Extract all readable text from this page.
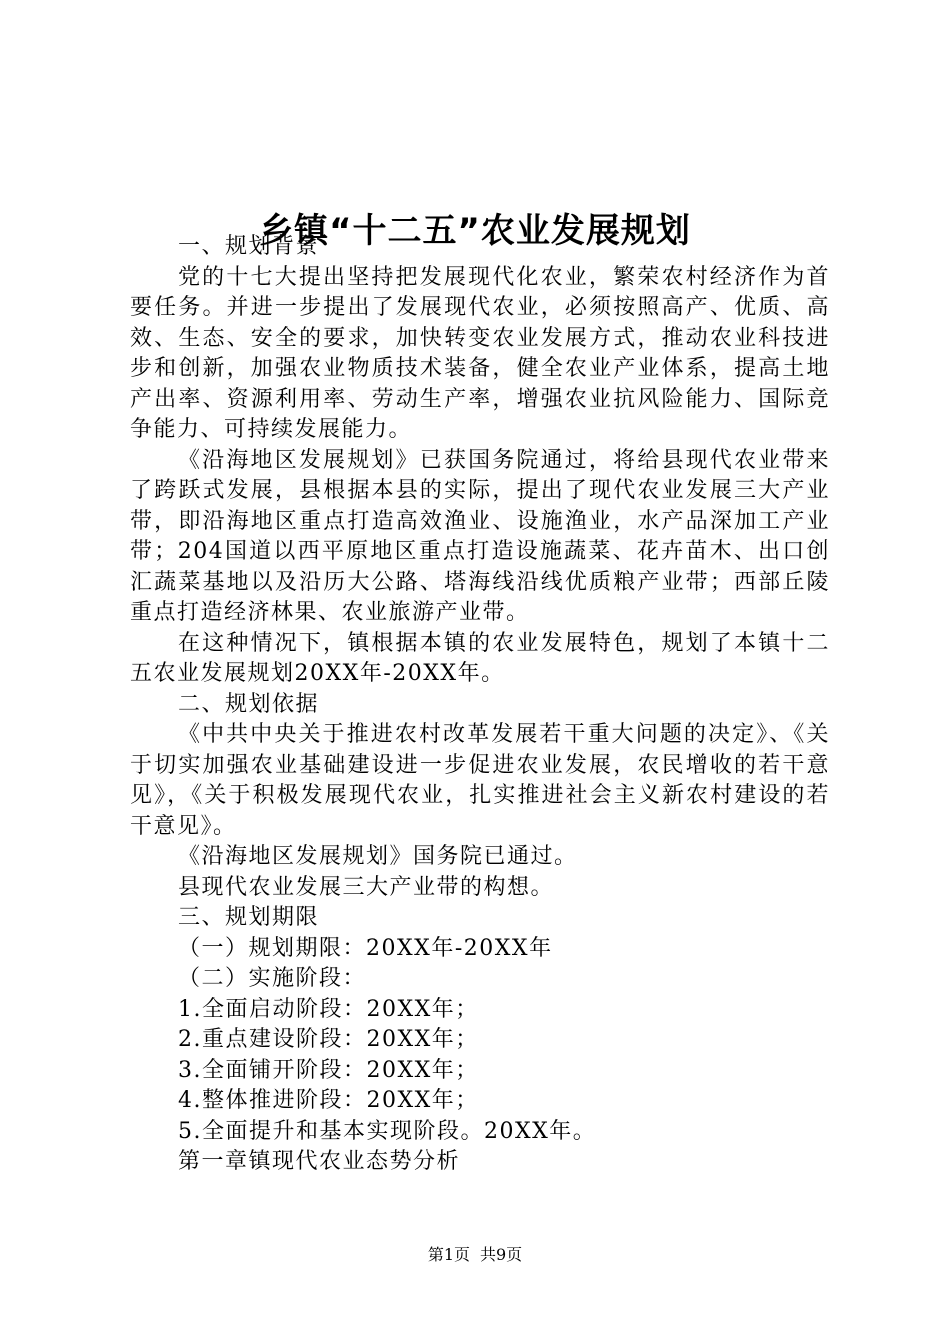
乡镇“十二五”农业发展规划

一、规划背景

党的十七大提出坚持把发展现代化农业，繁荣农村经济作为首要任务。并进一步提出了发展现代农业，必须按照高产、优质、高效、生态、安全的要求，加快转变农业发展方式，推动农业科技进步和创新，加强农业物质技术装备，健全农业产业体系，提高土地产出率、资源利用率、劳动生产率，增强农业抗风险能力、国际竞争能力、可持续发展能力。

《沿海地区发展规划》已获国务院通过，将给县现代农业带来了跨跃式发展，县根据本县的实际，提出了现代农业发展三大产业带，即沿海地区重点打造高效渔业、设施渔业，水产品深加工产业带；204国道以西平原地区重点打造设施蔬菜、花卉苗木、出口创汇蔬菜基地以及沿历大公路、塔海线沿线优质粮产业带；西部丘陵重点打造经济林果、农业旅游产业带。

在这种情况下，镇根据本镇的农业发展特色，规划了本镇十二五农业发展规划20XX年-20XX年。

二、规划依据

《中共中央关于推进农村改革发展若干重大问题的决定》、《关于切实加强农业基础建设进一步促进农业发展，农民增收的若干意见》，《关于积极发展现代农业，扎实推进社会主义新农村建设的若干意见》。

《沿海地区发展规划》国务院已通过。

县现代农业发展三大产业带的构想。

三、规划期限

（一）规划期限：20XX年-20XX年

（二）实施阶段：

1.全面启动阶段：20XX年；

2.重点建设阶段：20XX年；

3.全面铺开阶段：20XX年；

4.整体推进阶段：20XX年；

5.全面提升和基本实现阶段。20XX年。

第一章镇现代农业态势分析

第1页 共9页
